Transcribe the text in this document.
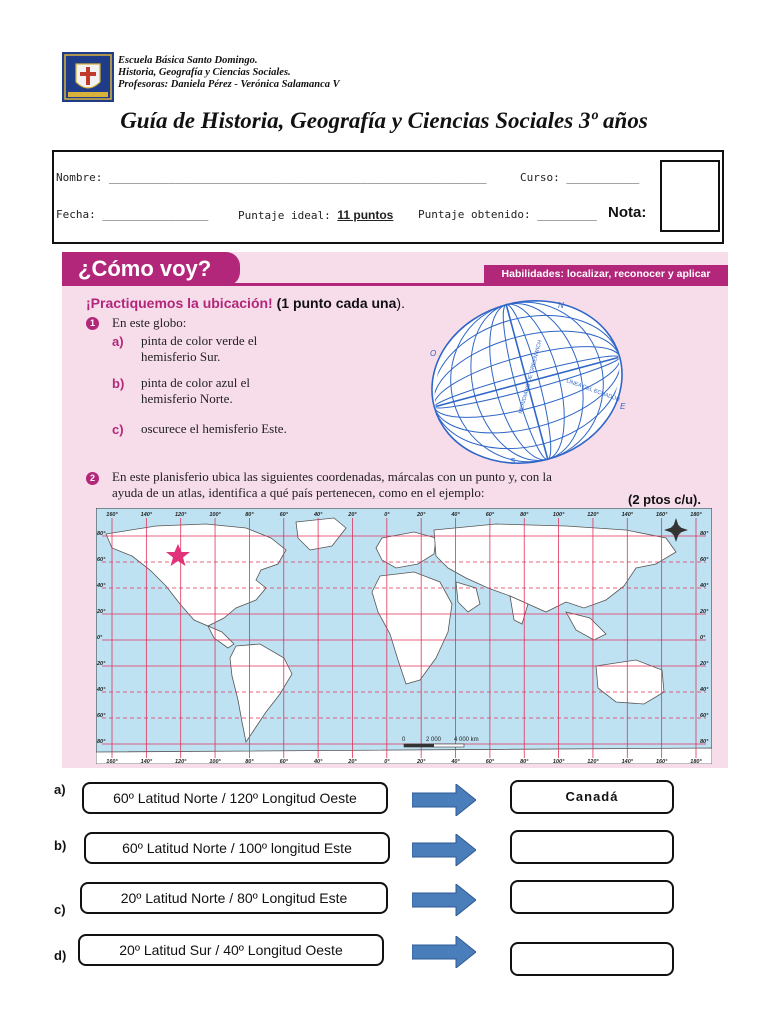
Escuela Básica Santo Domingo.
Historia, Geografía y Ciencias Sociales.
Profesoras: Daniela Pérez - Verónica Salamanca V
Guía de Historia, Geografía y Ciencias Sociales 3º años
Nombre: _________________________________________________________	Curso: ___________
Fecha: ________________	Puntaje ideal: 11 puntos Puntaje obtenido: _________ Nota:
¿Cómo voy?	Habilidades: localizar, reconocer y aplicar
¡Practiquemos la ubicación! (1 punto cada una).
1	En este globo:
a) pinta de color verde el
hemisferio Sur.
b) pinta de color azul el
hemisferio Norte.
c) oscurece el hemisferio Este.
N
S
E
O	MERIDIANO DE GREENWICH	LÍNEA DEL ECUADOR
2	En este planisferio ubica las siguientes coordenadas, márcalas con un punto y, con la
ayuda de un atlas, identifica a qué país pertenecen, como en el ejemplo:	(2 ptos c/u).
160°
160°
140°
140°
120°
120°
100°
100°
80°
80°
60°
60°
40°
40°
20°
20°
0°
0°
20°
20°
40°
40°
60°
60°
80°
80°
100°
100°
120°
120°
140°
140°
160°
160°
180°
180°
80°	80°
60°	60°
40°	40°
20°	20°
0°	0°
20°	20°
40°	40°
60°	60°
80°	80°
0	2 000 4 000 km
a)
60º Latitud Norte / 120º Longitud Oeste	Canadá
b)	60º Latitud Norte / 100º longitud Este
c)
20º Latitud Norte / 80º Longitud Este
d)	20º Latitud Sur / 40º Longitud Oeste
